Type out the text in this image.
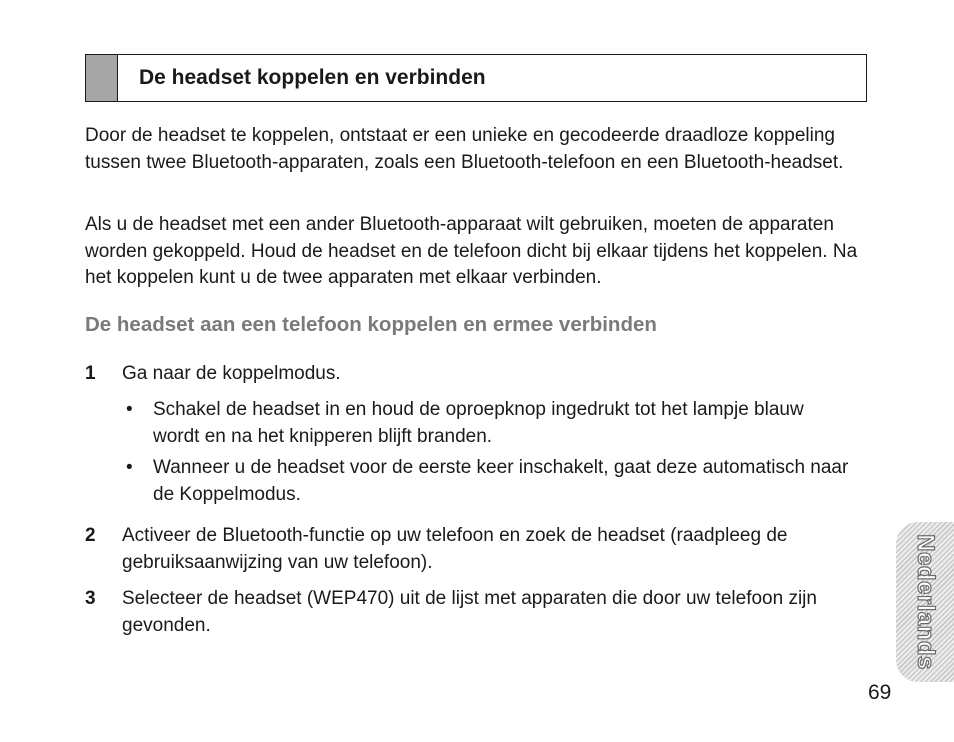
De headset koppelen en verbinden

Door de headset te koppelen, ontstaat er een unieke en gecodeerde draadloze koppeling tussen twee Bluetooth-apparaten, zoals een Bluetooth-telefoon en een Bluetooth-headset.

Als u de headset met een ander Bluetooth-apparaat wilt gebruiken, moeten de apparaten worden gekoppeld. Houd de headset en de telefoon dicht bij elkaar tijdens het koppelen. Na het koppelen kunt u de twee apparaten met elkaar verbinden.

De headset aan een telefoon koppelen en ermee verbinden
1 Ga naar de koppelmodus.

• Schakel de headset in en houd de oproepknop ingedrukt tot het lampje blauw wordt en na het knipperen blijft branden.

• Wanneer u de headset voor de eerste keer inschakelt, gaat deze automatisch naar de Koppelmodus.

2 Activeer de Bluetooth-functie op uw telefoon en zoek de headset (raadpleeg de gebruiksaanwijzing van uw telefoon).

3 Selecteer de headset (WEP470) uit de lijst met apparaten die door uw telefoon zijn gevonden.	Nederlands
69
